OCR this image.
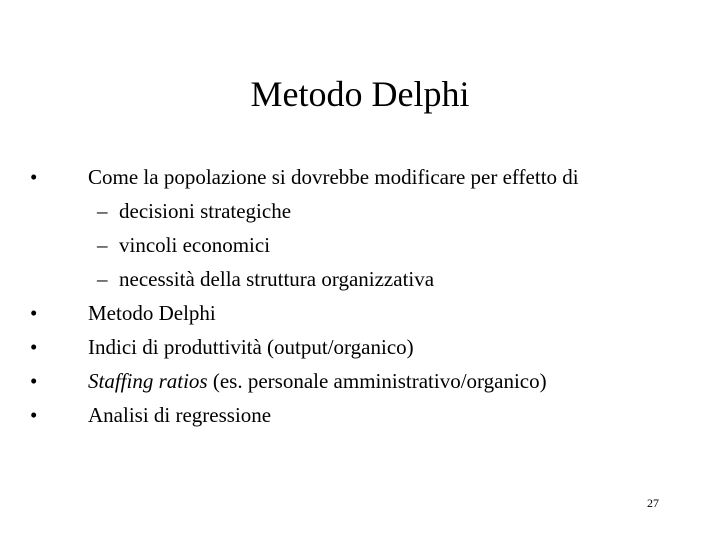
Metodo Delphi
• Come la popolazione si dovrebbe modificare per effetto di
– decisioni strategiche
– vincoli economici
– necessità della struttura organizzativa
• Metodo Delphi
• Indici di produttività (output/organico)
• Staffing ratios (es. personale amministrativo/organico)
• Analisi di regressione
27
